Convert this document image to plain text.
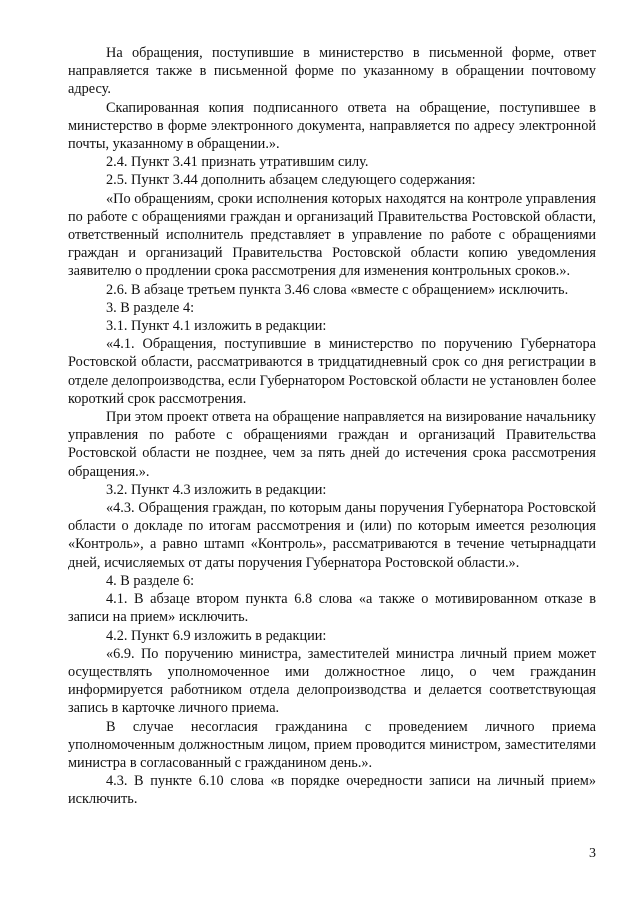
На обращения, поступившие в министерство в письменной форме, ответ направляется также в письменной форме по указанному в обращении почтовому адресу.

Скапированная копия подписанного ответа на обращение, поступившее в министерство в форме электронного документа, направляется по адресу электронной почты, указанному в обращении.».

2.4. Пункт 3.41 признать утратившим силу.

2.5. Пункт 3.44 дополнить абзацем следующего содержания:

«По обращениям, сроки исполнения которых находятся на контроле управления по работе с обращениями граждан и организаций Правительства Ростовской области, ответственный исполнитель представляет в управление по работе с обращениями граждан и организаций Правительства Ростовской области копию уведомления заявителю о продлении срока рассмотрения для изменения контрольных сроков.».

2.6. В абзаце третьем пункта 3.46 слова «вместе с обращением» исключить.

3. В разделе 4:

3.1. Пункт 4.1 изложить в редакции:

«4.1. Обращения, поступившие в министерство по поручению Губернатора Ростовской области, рассматриваются в тридцатидневный срок со дня регистрации в отделе делопроизводства, если Губернатором Ростовской области не установлен более короткий срок рассмотрения.

При этом проект ответа на обращение направляется на визирование начальнику управления по работе с обращениями граждан и организаций Правительства Ростовской области не позднее, чем за пять дней до истечения срока рассмотрения обращения.».

3.2. Пункт 4.3 изложить в редакции:

«4.3. Обращения граждан, по которым даны поручения Губернатора Ростовской области о докладе по итогам рассмотрения и (или) по которым имеется резолюция «Контроль», а равно штамп «Контроль», рассматриваются в течение четырнадцати дней, исчисляемых от даты поручения Губернатора Ростовской области.».

4. В разделе 6:

4.1. В абзаце втором пункта 6.8 слова «а также о мотивированном отказе в записи на прием» исключить.

4.2. Пункт 6.9 изложить в редакции:

«6.9. По поручению министра, заместителей министра личный прием может осуществлять уполномоченное ими должностное лицо, о чем гражданин информируется работником отдела делопроизводства и делается соответствующая запись в карточке личного приема.

В случае несогласия гражданина с проведением личного приема уполномоченным должностным лицом, прием проводится министром, заместителями министра в согласованный с гражданином день.».

4.3. В пункте 6.10 слова «в порядке очередности записи на личный прием» исключить.

3
